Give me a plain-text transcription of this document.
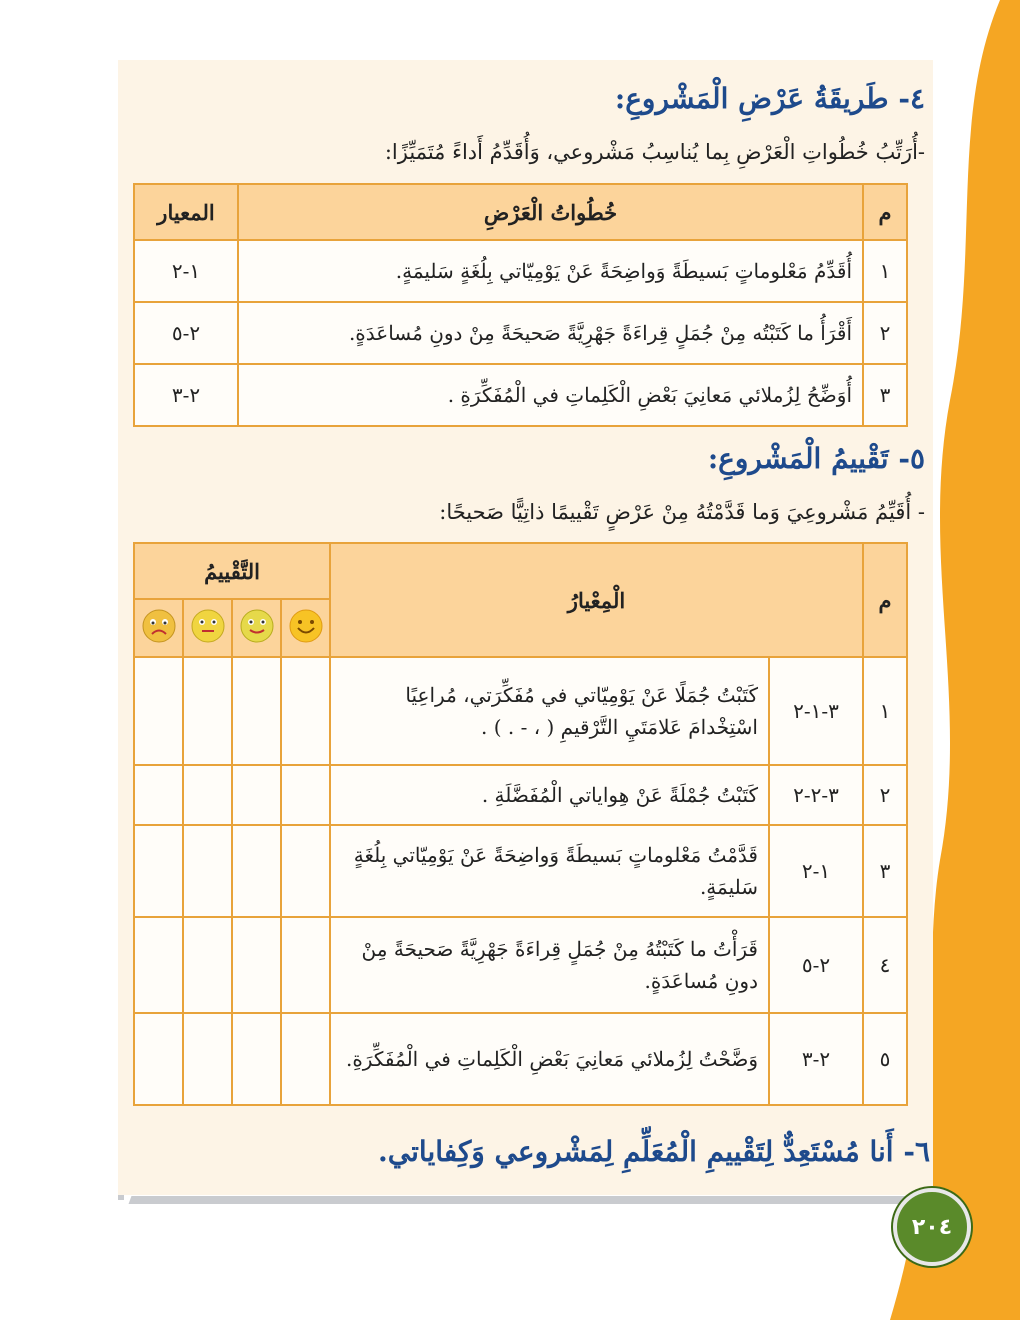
٤- طَريقَةُ عَرْضِ الْمَشْروعِ:
-أُرَتِّبُ خُطُواتِ الْعَرْضِ بِما يُناسِبُ مَشْروعي، وَأُقَدِّمُ أَداءً مُتَمَيِّزًا:
م	خُطُواتُ الْعَرْضِ	المعيار
١	أُقَدِّمُ مَعْلوماتٍ بَسيطَةً وَواضِحَةً عَنْ يَوْمِيّاتي بِلُغَةٍ سَليمَةٍ.	١-٢
٢	أَقْرَأُ ما كَتَبْتُه مِنْ جُمَلٍ قِراءَةً جَهْرِيَّةً صَحيحَةً مِنْ دونِ مُساعَدَةٍ.	٢-٥
٣	أُوَضِّحُ لِزُملائي مَعانِيَ بَعْضِ الْكَلِماتِ في الْمُفَكِّرَةِ .	٢-٣
٥- تَقْييمُ الْمَشْروعِ:
- أُقَيِّمُ مَشْروعِيَ وَما قَدَّمْتُهُ مِنْ عَرْضٍ تَقْييمًا ذاتِيًّا صَحيحًا:
م	الْمِعْيارُ		التَّقْييمُ			

١	٣-١-٢	كَتَبْتُ جُمَلًا عَنْ يَوْمِيّاتي في مُفَكِّرَتي، مُراعِيًا اسْتِخْدامَ عَلامَتَيِ التَّرْقيمِ ( ، - . ) .				
٢	٣-٢-٢	كَتَبْتُ جُمْلَةً عَنْ هِواياتي الْمُفَضَّلَةِ .				
٣	١-٢	قَدَّمْتُ مَعْلوماتٍ بَسيطَةً وَواضِحَةً عَنْ يَوْمِيّاتي بِلُغَةٍ سَليمَةٍ.				
٤	٢-٥	قَرَأْتُ ما كَتَبْتُهُ مِنْ جُمَلٍ قِراءَةً جَهْرِيَّةً صَحيحَةً مِنْ دونِ مُساعَدَةٍ.				
٥	٢-٣	وَضَّحْتُ لِزُملائي مَعانِيَ بَعْضِ الْكَلِماتِ في الْمُفَكِّرَةِ.				
٦- أَنا مُسْتَعِدٌّ لِتَقْييمِ الْمُعَلِّمِ لِمَشْروعي وَكِفاياتي.
٢٠٤
